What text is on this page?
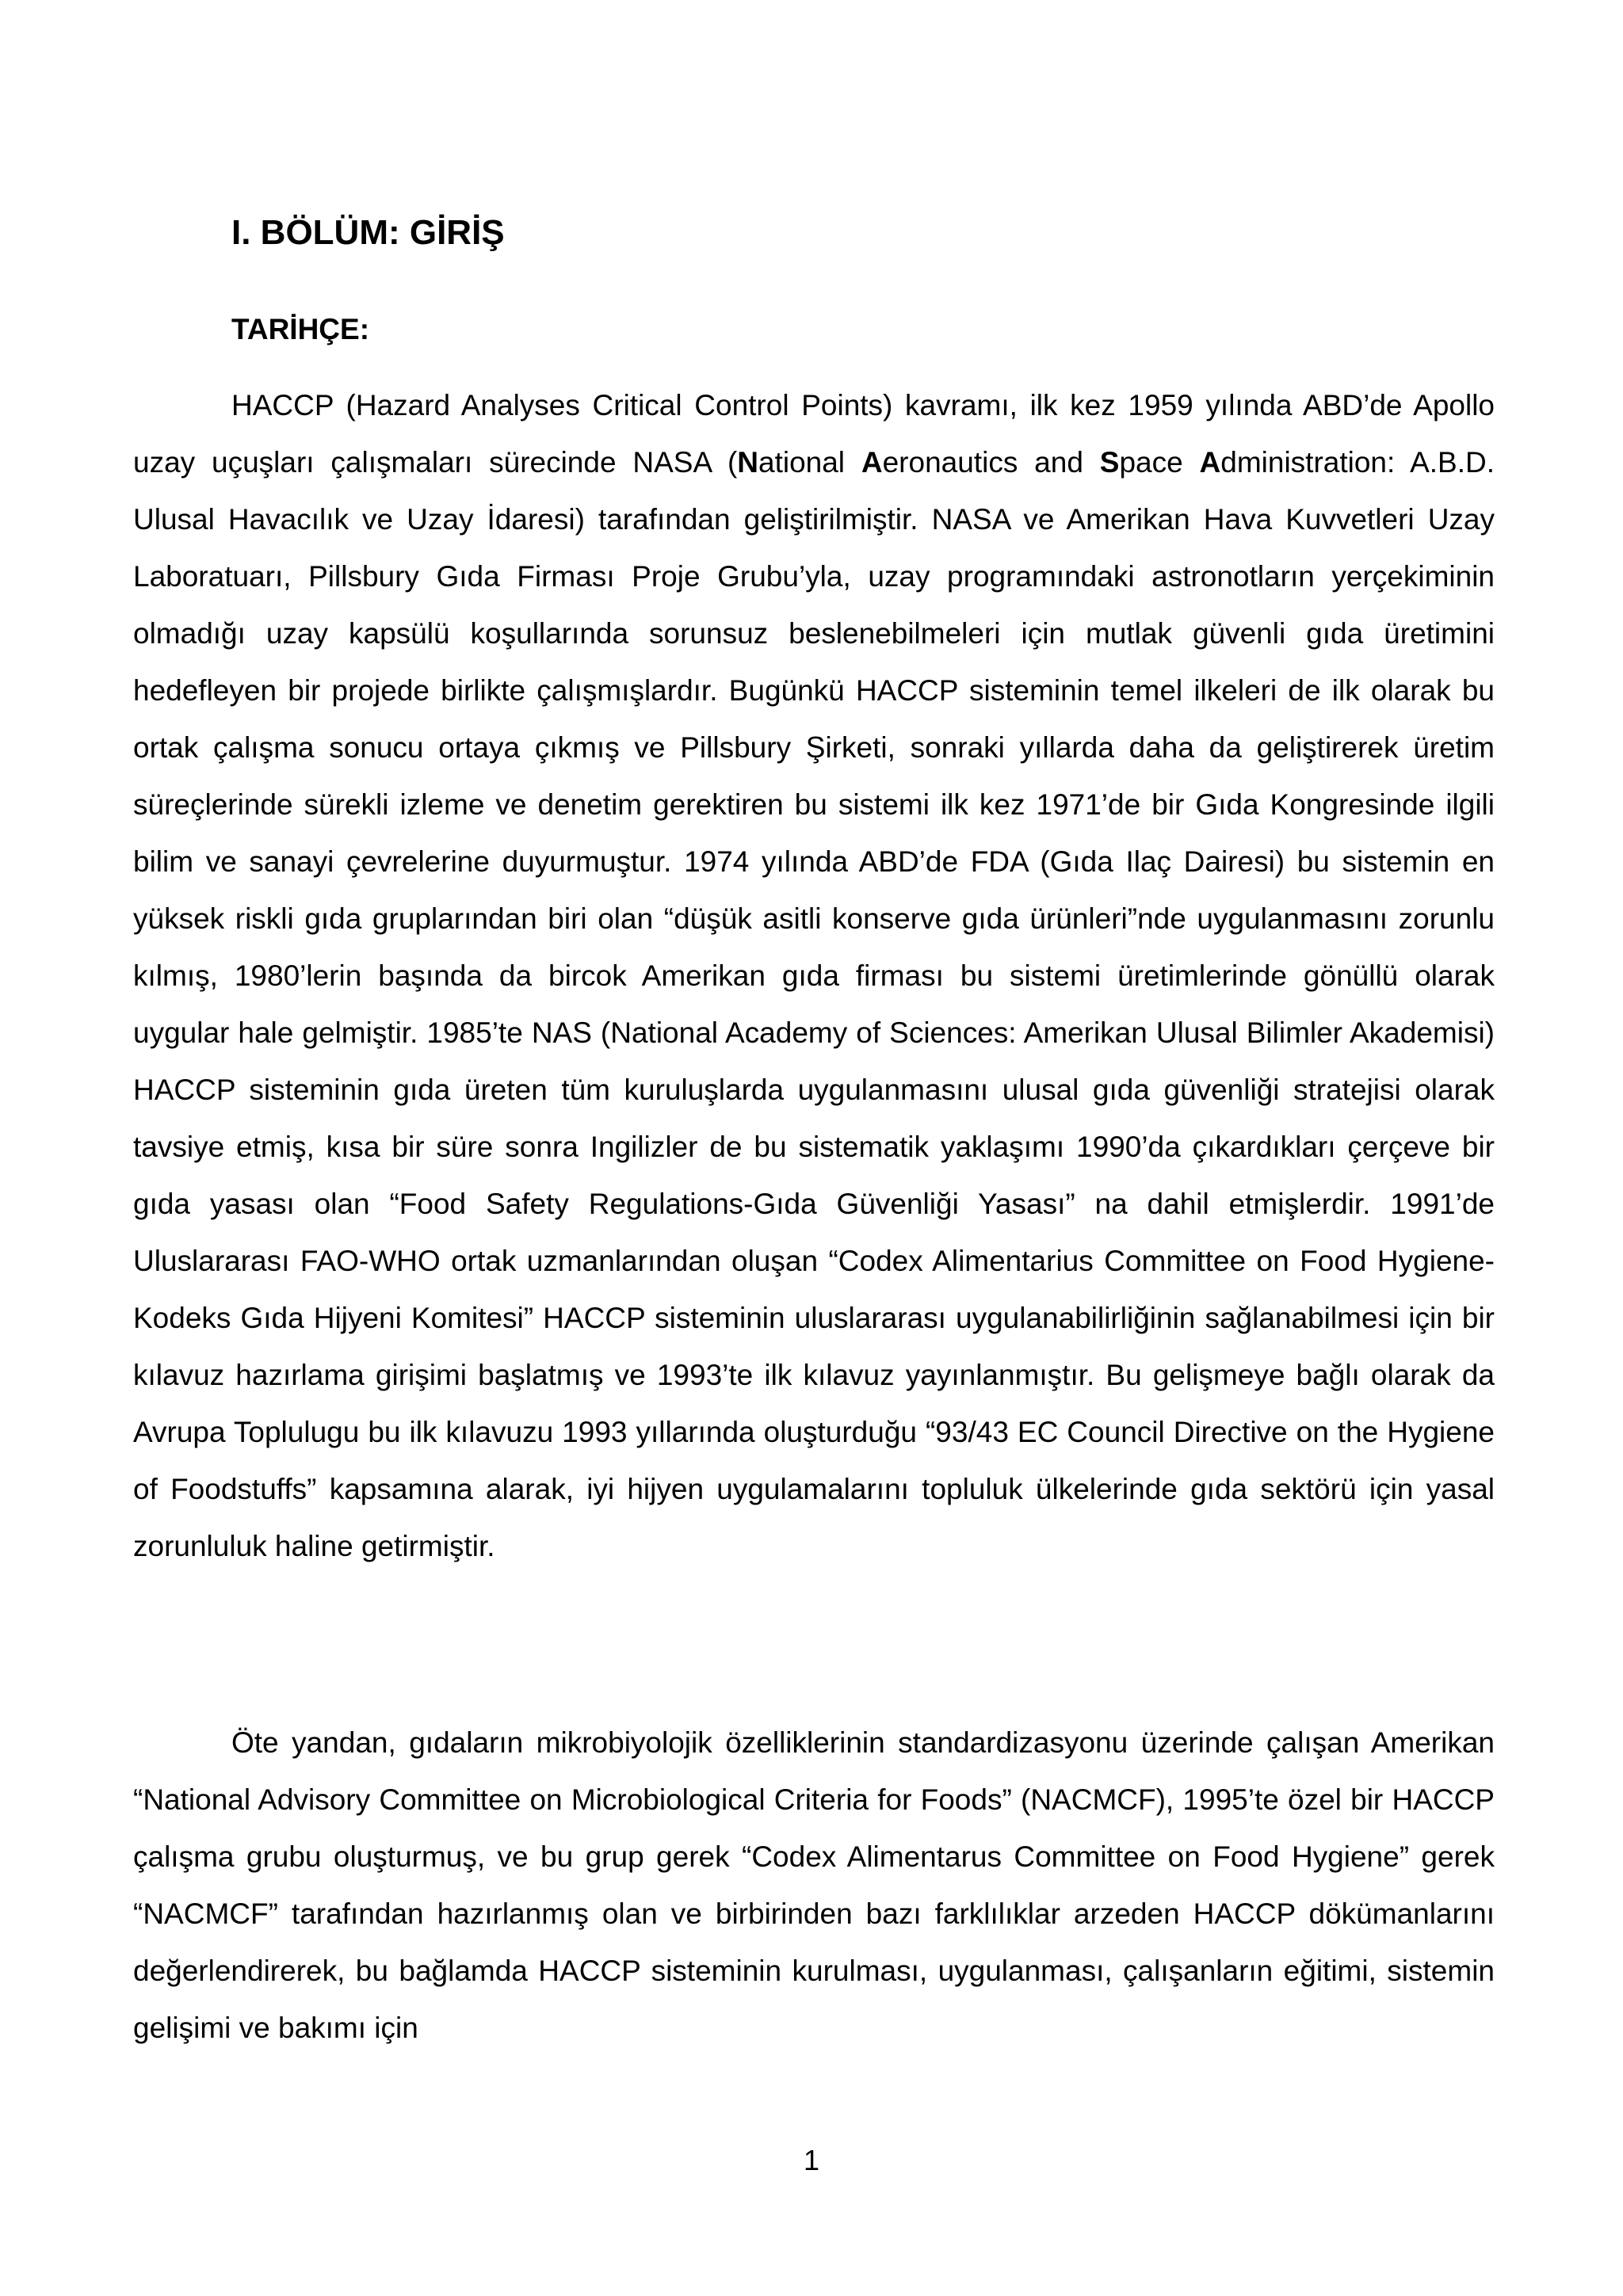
I. BÖLÜM: GİRİŞ
TARİHÇE:

HACCP (Hazard Analyses Critical Control Points) kavramı, ilk kez 1959 yılında ABD’de Apollo uzay uçuşları çalışmaları sürecinde NASA (National Aeronautics and Space Administration: A.B.D. Ulusal Havacılık ve Uzay İdaresi) tarafından geliştirilmiştir. NASA ve Amerikan Hava Kuvvetleri Uzay Laboratuarı, Pillsbury Gıda Firması Proje Grubu’yla, uzay programındaki astronotların yerçekiminin olmadığı uzay kapsülü koşullarında sorunsuz beslenebilmeleri için mutlak güvenli gıda üretimini hedefleyen bir projede birlikte çalışmışlardır. Bugünkü HACCP sisteminin temel ilkeleri de ilk olarak bu ortak çalışma sonucu ortaya çıkmış ve Pillsbury Şirketi, sonraki yıllarda daha da geliştirerek üretim süreçlerinde sürekli izleme ve denetim gerektiren bu sistemi ilk kez 1971’de bir Gıda Kongresinde ilgili bilim ve sanayi çevrelerine duyurmuştur. 1974 yılında ABD’de FDA (Gıda Ilaç Dairesi) bu sistemin en yüksek riskli gıda gruplarından biri olan “düşük asitli konserve gıda ürünleri”nde uygulanmasını zorunlu kılmış, 1980’lerin başında da bircok Amerikan gıda firması bu sistemi üretimlerinde gönüllü olarak uygular hale gelmiştir. 1985’te NAS (National Academy of Sciences: Amerikan Ulusal Bilimler Akademisi) HACCP sisteminin gıda üreten tüm kuruluşlarda uygulanmasını ulusal gıda güvenliği stratejisi olarak tavsiye etmiş, kısa bir süre sonra Ingilizler de bu sistematik yaklaşımı 1990’da çıkardıkları çerçeve bir gıda yasası olan “Food Safety Regulations-Gıda Güvenliği Yasası” na dahil etmişlerdir. 1991’de Uluslararası FAO-WHO ortak uzmanlarından oluşan “Codex Alimentarius Committee on Food Hygiene-Kodeks Gıda Hijyeni Komitesi” HACCP sisteminin uluslararası uygulanabilirliğinin sağlanabilmesi için bir kılavuz hazırlama girişimi başlatmış ve 1993’te ilk kılavuz yayınlanmıştır. Bu gelişmeye bağlı olarak da Avrupa Toplulugu bu ilk kılavuzu 1993 yıllarında oluşturduğu “93/43 EC Council Directive on the Hygiene of Foodstuffs” kapsamına alarak, iyi hijyen uygulamalarını topluluk ülkelerinde gıda sektörü için yasal zorunluluk haline getirmiştir.

Öte yandan, gıdaların mikrobiyolojik özelliklerinin standardizasyonu üzerinde çalışan Amerikan “National Advisory Committee on Microbiological Criteria for Foods” (NACMCF), 1995’te özel bir HACCP çalışma grubu oluşturmuş, ve bu grup gerek “Codex Alimentarus Committee on Food Hygiene” gerek “NACMCF” tarafından hazırlanmış olan ve birbirinden bazı farklılıklar arzeden HACCP dökümanlarını değerlendirerek, bu bağlamda HACCP sisteminin kurulması, uygulanması, çalışanların eğitimi, sistemin gelişimi ve bakımı için

1
